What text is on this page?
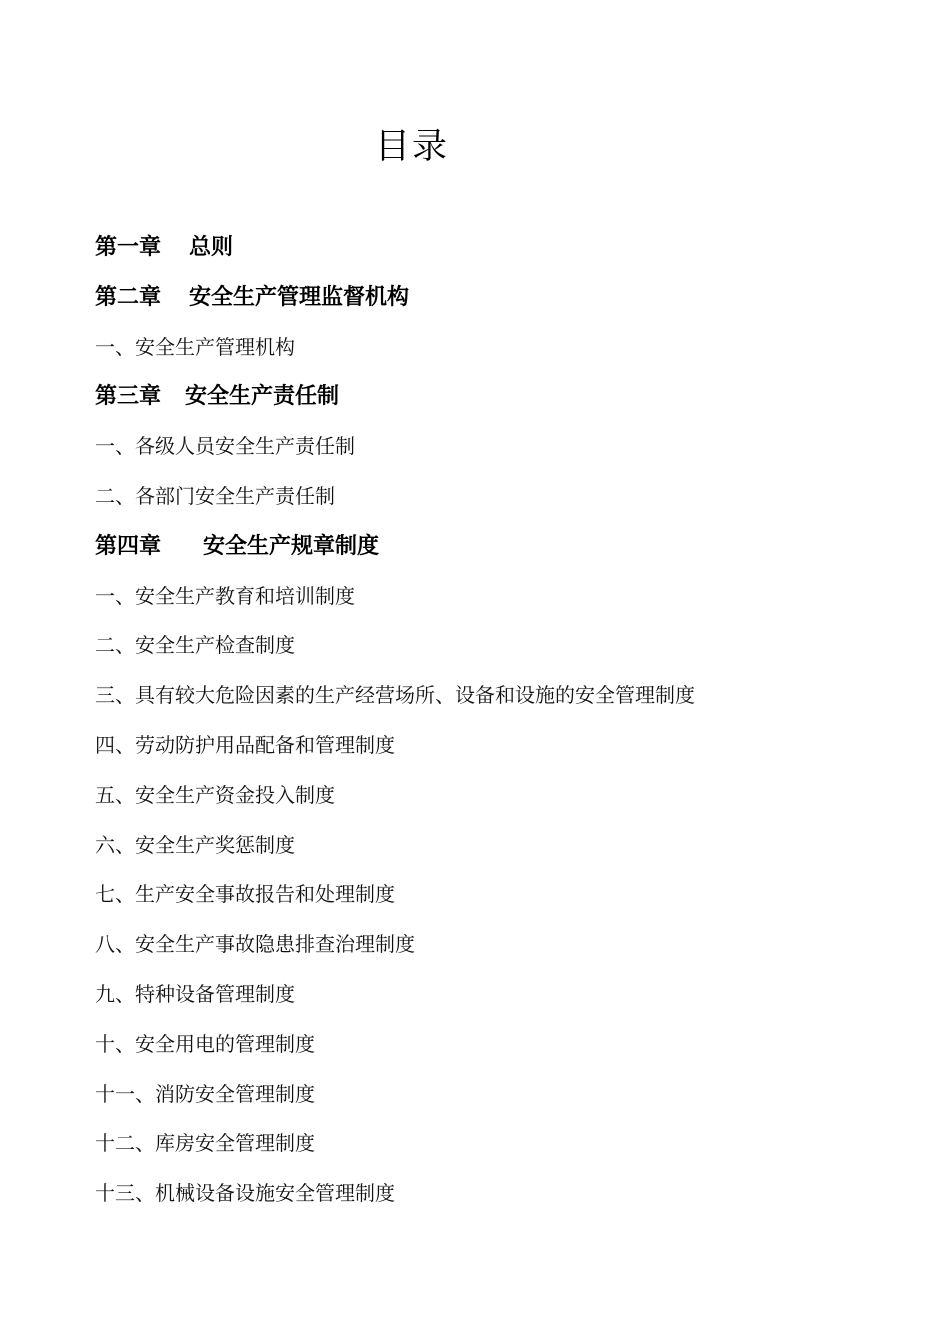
目录
第一章 总则
第二章 安全生产管理监督机构
一、安全生产管理机构
第三章 安全生产责任制
一、各级人员安全生产责任制
二、各部门安全生产责任制
第四章 安全生产规章制度
一、安全生产教育和培训制度
二、安全生产检查制度
三、具有较大危险因素的生产经营场所、设备和设施的安全管理制度
四、劳动防护用品配备和管理制度
五、安全生产资金投入制度
六、安全生产奖惩制度
七、生产安全事故报告和处理制度
八、安全生产事故隐患排查治理制度
九、特种设备管理制度
十、安全用电的管理制度
十一、消防安全管理制度
十二、库房安全管理制度
十三、机械设备设施安全管理制度
